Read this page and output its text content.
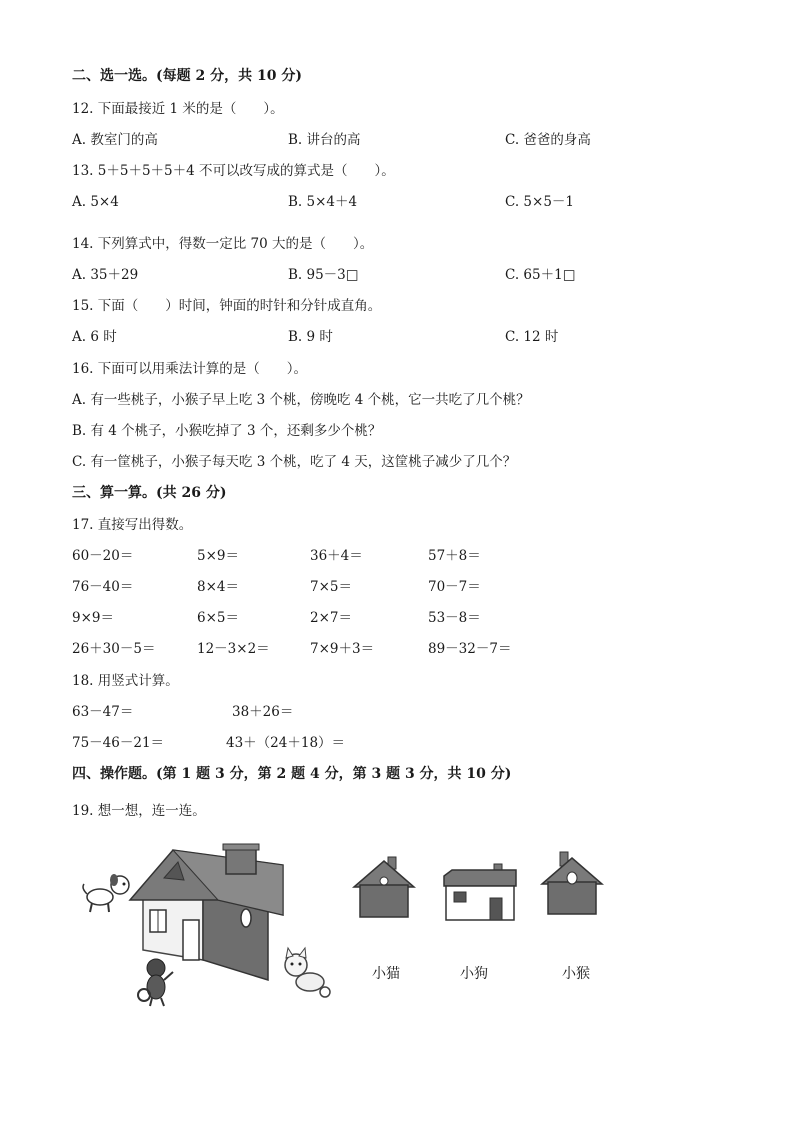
二、选一选。(每题 2 分，共 10 分)
12. 下面最接近 1 米的是（　　）。
A. 教室门的高	B. 讲台的高	C. 爸爸的身高
13. 5＋5＋5＋5＋4 不可以改写成的算式是（　　）。
A. 5×4	B. 5×4＋4	C. 5×5－1
14. 下列算式中，得数一定比 70 大的是（　　）。
A. 35＋29	B. 95－3□	C. 65＋1□
15. 下面（　　）时间，钟面的时针和分针成直角。
A. 6 时	B. 9 时	C. 12 时
16. 下面可以用乘法计算的是（　　）。
A. 有一些桃子，小猴子早上吃 3 个桃，傍晚吃 4 个桃，它一共吃了几个桃？
B. 有 4 个桃子，小猴吃掉了 3 个，还剩多少个桃？
C. 有一筐桃子，小猴子每天吃 3 个桃，吃了 4 天，这筐桃子减少了几个？
三、算一算。(共 26 分)
17. 直接写出得数。
60－20＝	5×9＝	36＋4＝	57＋8＝
76－40＝	8×4＝	7×5＝	70－7＝
9×9＝	6×5＝	2×7＝	53－8＝
26＋30－5＝	12－3×2＝	7×9＋3＝	89－32－7＝
18. 用竖式计算。
63－47＝	38＋26＝
75－46－21＝	43＋（24＋18）＝
四、操作题。(第 1 题 3 分，第 2 题 4 分，第 3 题 3 分，共 10 分)
19. 想一想，连一连。
小猫	小狗	小猴
